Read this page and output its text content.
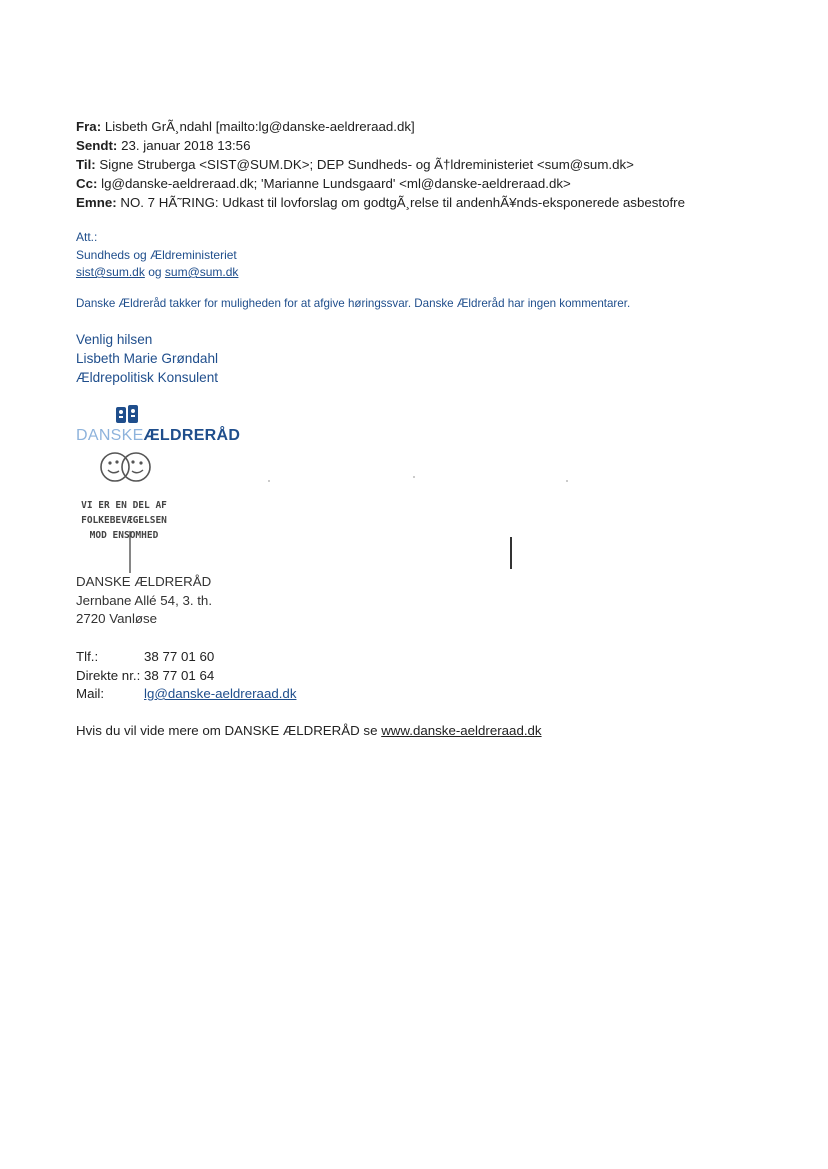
Fra: Lisbeth GrÃ¸ndahl [mailto:lg@danske-aeldreraad.dk]
Sendt: 23. januar 2018 13:56
Til: Signe Struberga <SIST@SUM.DK>; DEP Sundheds- og Ã†ldreministeriet <sum@sum.dk>
Cc: lg@danske-aeldreraad.dk; 'Marianne Lundsgaard' <ml@danske-aeldreraad.dk>
Emne: NO. 7 HÃ˜RING: Udkast til lovforslag om godtgÃ¸relse til andenhÃ¥nds-eksponerede asbestofre
Att.:
Sundheds og Ældreministeriet
sist@sum.dk og sum@sum.dk
Danske Ældreråd takker for muligheden for at afgive høringssvar. Danske Ældreråd har ingen kommentarer.
Venlig hilsen
Lisbeth Marie Grøndahl
Ældrepolitisk Konsulent
DANSKEÆLDRERÅD
VI ER EN DEL AF
FOLKEBEVÆGELSEN
MOD ENSOMHED
DANSKE ÆLDRERÅD
Jernbane Allé 54, 3. th.
2720 Vanløse
Tlf.:	38 77 01 60
Direkte nr.: 38 77 01 64
Mail:	lg@danske-aeldreraad.dk
Hvis du vil vide mere om DANSKE ÆLDRERÅD se www.danske-aeldreraad.dk
